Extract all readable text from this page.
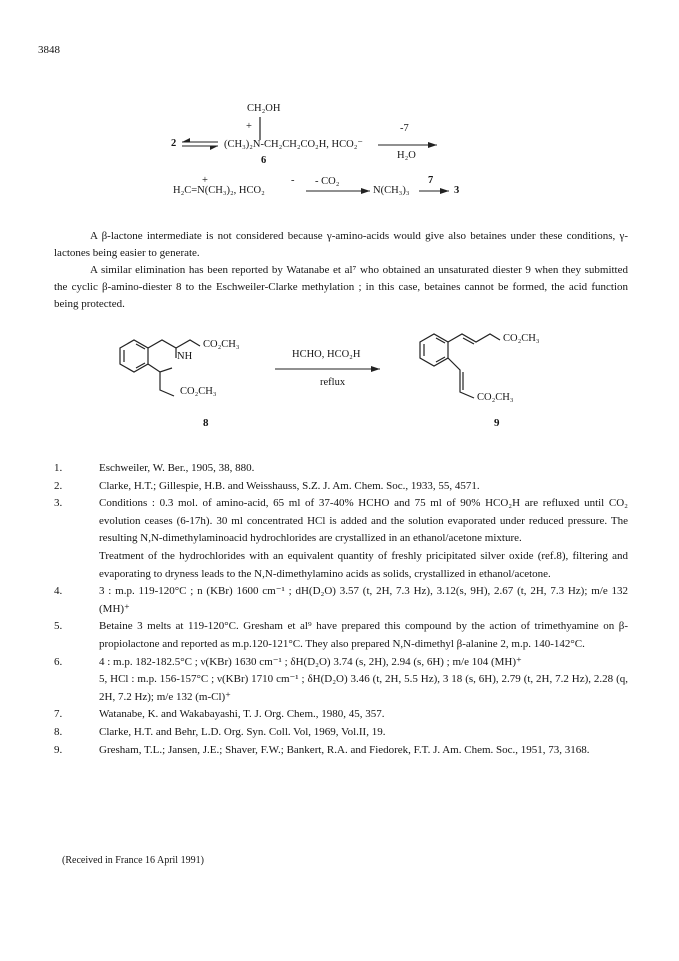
3848
CH₂OH
+
2	(CH₃)₂N-CH₂CH₂CO₂H, HCO₂⁻
6
-7
H₂O
+	-
H₂C=N(CH₃)₂, HCO₂
- CO₂
N(CH₃)₃
7
3
A β-lactone intermediate is not considered because γ-amino-acids would give also betaines under these conditions, γ-lactones being easier to generate.
A similar elimination has been reported by Watanabe et al⁷ who obtained an unsaturated diester 9 when they submitted the cyclic β-amino-diester 8 to the Eschweiler-Clarke methylation ; in this case, betaines cannot be formed, the acid function being protected.
CO₂CH₃
NH
CO₂CH₃
HCHO, HCO₂H
reflux
CO₂CH₃
CO₂CH₃
8	9
1.	Eschweiler, W. Ber., 1905, 38, 880.
2.	Clarke, H.T.; Gillespie, H.B. and Weisshauss, S.Z. J. Am. Chem. Soc., 1933, 55, 4571.
3.	Conditions : 0.3 mol. of amino-acid, 65 ml of 37-40% HCHO and 75 ml of 90% HCO₂H are refluxed until CO₂ evolution ceases (6-17h). 30 ml concentrated HCl is added and the solution evaporated under reduced pressure. The resulting N,N-dimethylaminoacid hydrochlorides are crystallized in an ethanol/acetone mixture.
Treatment of the hydrochlorides with an equivalent quantity of freshly pricipitated silver oxide (ref.8), filtering and evaporating to dryness leads to the N,N-dimethylamino acids as solids, crystallized in ethanol/acetone.
4.	3 : m.p. 119-120°C ; n (KBr) 1600 cm⁻¹ ; dH(D₂O) 3.57 (t, 2H, 7.3 Hz), 3.12(s, 9H), 2.67 (t, 2H, 7.3 Hz); m/e 132 (MH)⁺
5.	Betaine 3 melts at 119-120°C. Gresham et al⁹ have prepared this compound by the action of trimethyamine on β-propiolactone and reported as m.p.120-121°C. They also prepared N,N-dimethyl β-alanine 2, m.p. 140-142°C.
6.	4 : m.p. 182-182.5°C ; ν(KBr) 1630 cm⁻¹ ; δH(D₂O) 3.74 (s, 2H), 2.94 (s, 6H) ; m/e 104 (MH)⁺
5, HCl : m.p. 156-157°C ; ν(KBr) 1710 cm⁻¹ ; δH(D₂O) 3.46 (t, 2H, 5.5 Hz), 3 18 (s, 6H), 2.79 (t, 2H, 7.2 Hz), 2.28 (q, 2H, 7.2 Hz); m/e 132 (m-Cl)⁺
7.	Watanabe, K. and Wakabayashi, T. J. Org. Chem., 1980, 45, 357.
8.	Clarke, H.T. and Behr, L.D. Org. Syn. Coll. Vol, 1969, Vol.II, 19.
9.	Gresham, T.L.; Jansen, J.E.; Shaver, F.W.; Bankert, R.A. and Fiedorek, F.T. J. Am. Chem. Soc., 1951, 73, 3168.
(Received in France 16 April 1991)
